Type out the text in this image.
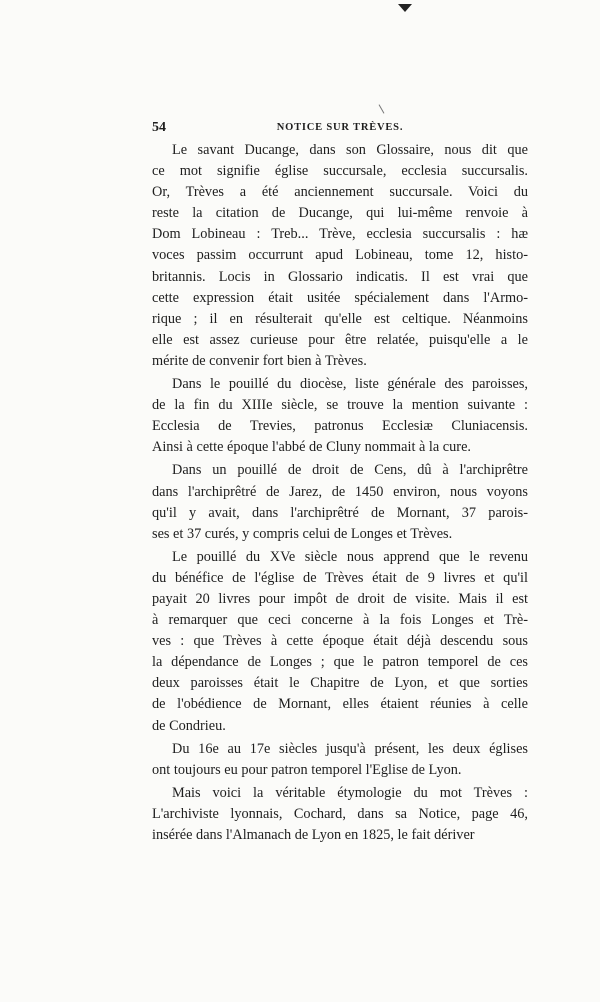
54	NOTICE SUR TRÈVES.
Le savant Ducange, dans son Glossaire, nous dit que
ce mot signifie église succursale, ecclesia succursalis.
Or, Trèves a été anciennement succursale. Voici du
reste la citation de Ducange, qui lui-même renvoie à
Dom Lobineau : Treb... Trève, ecclesia succursalis : hæ
voces passim occurrunt apud Lobineau, tome 12, histo-
britannis. Locis in Glossario indicatis. Il est vrai que
cette expression était usitée spécialement dans l'Armo-
rique ; il en résulterait qu'elle est celtique. Néanmoins
elle est assez curieuse pour être relatée, puisqu'elle a le
mérite de convenir fort bien à Trèves.
Dans le pouillé du diocèse, liste générale des paroisses,
de la fin du XIIIe siècle, se trouve la mention suivante :
Ecclesia de Trevies, patronus Ecclesiæ Cluniacensis.
Ainsi à cette époque l'abbé de Cluny nommait à la cure.
Dans un pouillé de droit de Cens, dû à l'archiprêtre
dans l'archiprêtré de Jarez, de 1450 environ, nous voyons
qu'il y avait, dans l'archiprêtré de Mornant, 37 parois-
ses et 37 curés, y compris celui de Longes et Trèves.
Le pouillé du XVe siècle nous apprend que le revenu
du bénéfice de l'église de Trèves était de 9 livres et qu'il
payait 20 livres pour impôt de droit de visite. Mais il est
à remarquer que ceci concerne à la fois Longes et Trè-
ves : que Trèves à cette époque était déjà descendu sous
la dépendance de Longes ; que le patron temporel de ces
deux paroisses était le Chapitre de Lyon, et que sorties
de l'obédience de Mornant, elles étaient réunies à celle
de Condrieu.
Du 16e au 17e siècles jusqu'à présent, les deux églises
ont toujours eu pour patron temporel l'Eglise de Lyon.
Mais voici la véritable étymologie du mot Trèves :
L'archiviste lyonnais, Cochard, dans sa Notice, page 46,
insérée dans l'Almanach de Lyon en 1825, le fait dériver
